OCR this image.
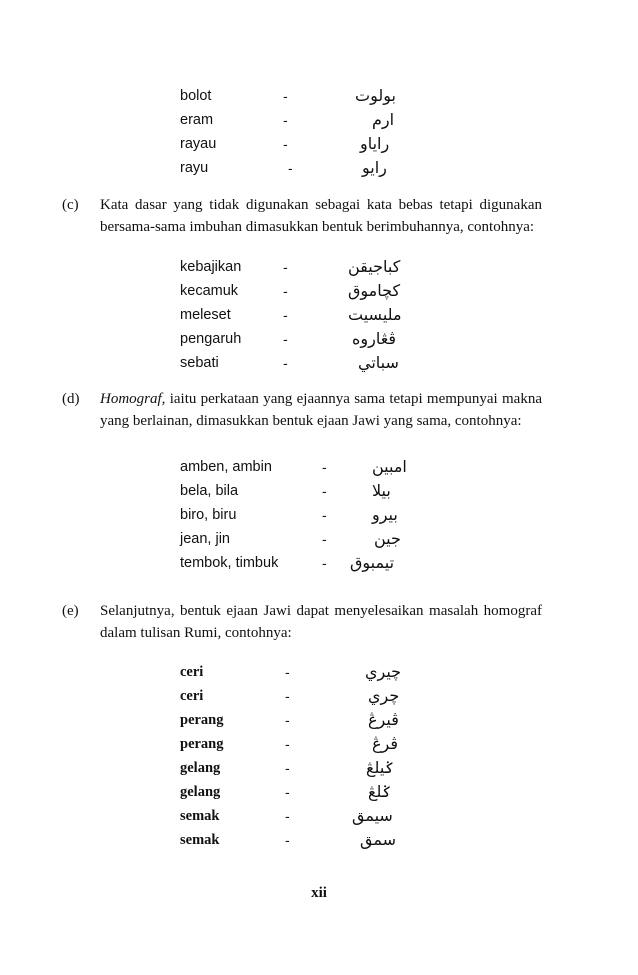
bolot	-	بولوت
eram	-	ارم
rayau	-	راياو
rayu	-	رايو
(c) Kata dasar yang tidak digunakan sebagai kata bebas tetapi digunakan bersama-sama imbuhan dimasukkan bentuk berimbuhannya, contohnya:
kebajikan	-	كباجيقن
kecamuk	-	كچاموق
meleset	-	مليسيت
pengaruh	-	ڤڠاروه
sebati	-	سباتي
(d) Homograf, iaitu perkataan yang ejaannya sama tetapi mempunyai makna yang berlainan, dimasukkan bentuk ejaan Jawi yang sama, contohnya:
amben, ambin	-	امبين
bela, bila	-	بيلا
biro, biru	-	بيرو
jean, jin	-	جين
tembok, timbuk	- تيمبوق
(e) Selanjutnya, bentuk ejaan Jawi dapat menyelesaikan masalah homograf dalam tulisan Rumi, contohnya:
ceri	-	چيري
ceri	-	چري
perang	-	ڤيرڠ
perang	-	ڤرڠ
gelang	-	ݢيلڠ
gelang	-	ݢلڠ
semak	-	سيمق
semak	-	سمق
xii
